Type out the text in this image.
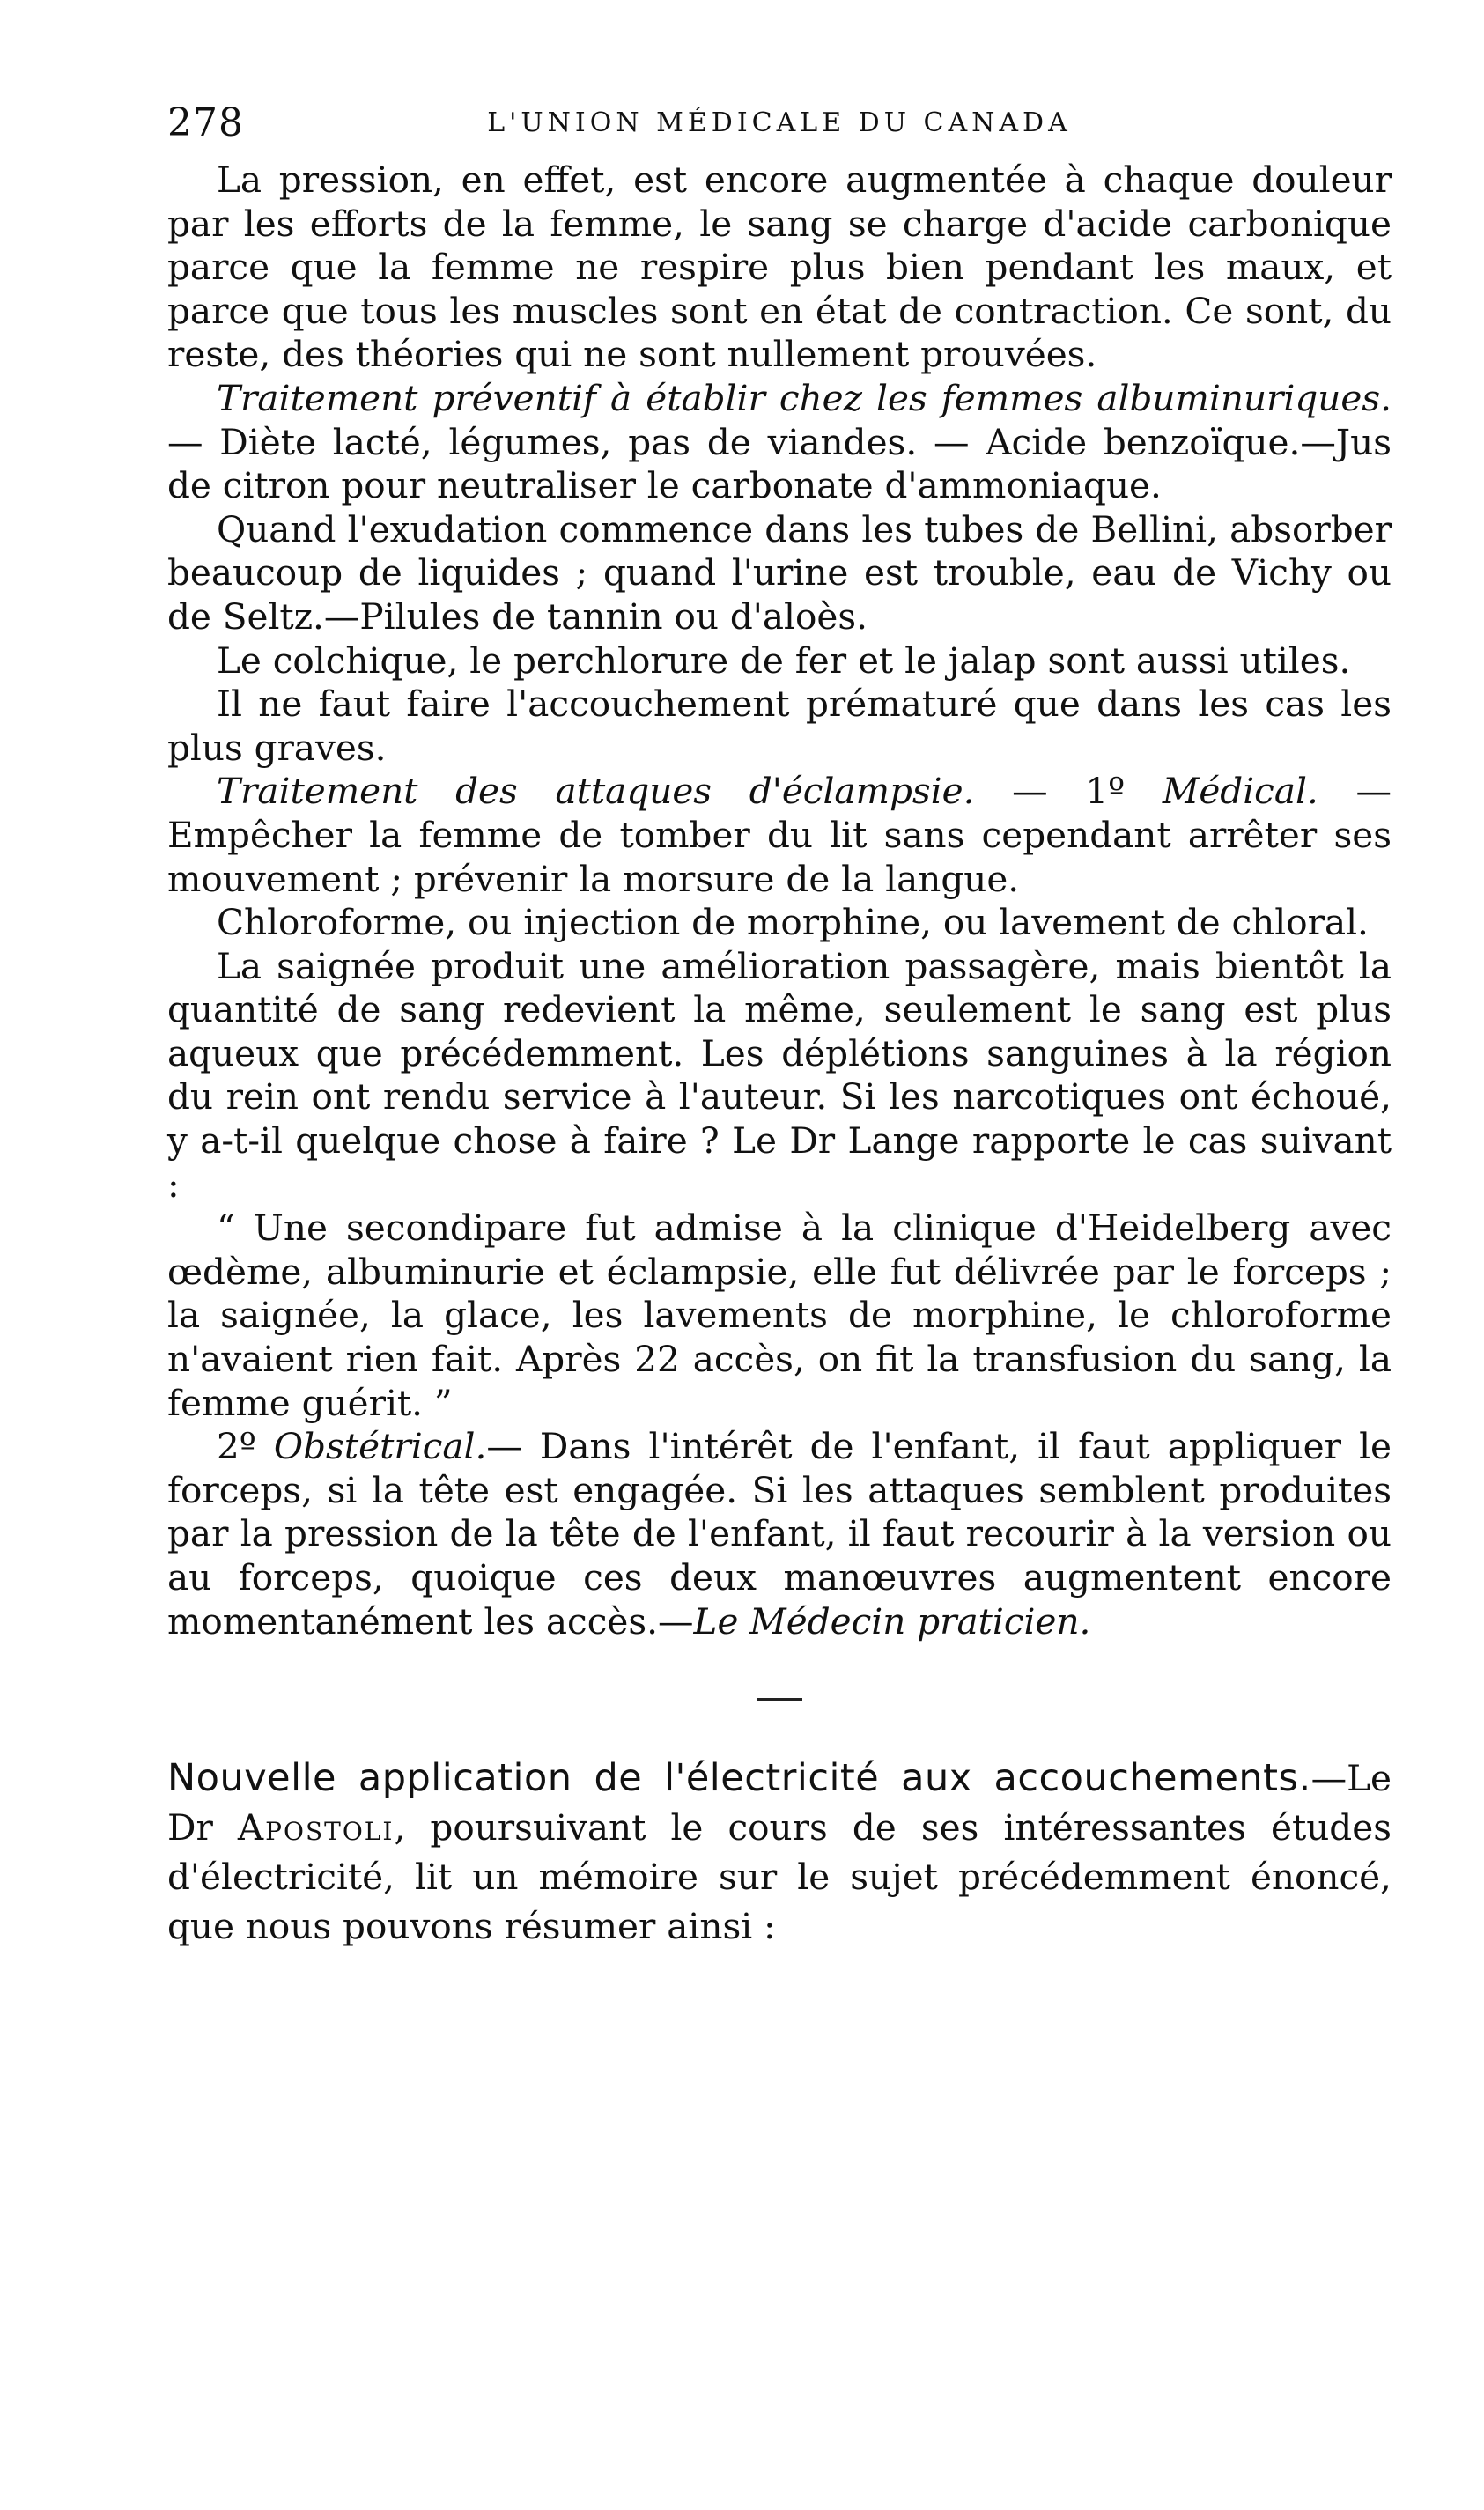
278	L'UNION MÉDICALE DU CANADA

La pression, en effet, est encore augmentée à chaque douleur par les efforts de la femme, le sang se charge d'acide carbonique parce que la femme ne respire plus bien pendant les maux, et parce que tous les muscles sont en état de contraction. Ce sont, du reste, des théories qui ne sont nullement prouvées.

Traitement préventif à établir chez les femmes albuminuriques. — Diète lacté, légumes, pas de viandes. — Acide benzoïque.—Jus de citron pour neutraliser le carbonate d'ammoniaque.

Quand l'exudation commence dans les tubes de Bellini, absorber beaucoup de liquides ; quand l'urine est trouble, eau de Vichy ou de Seltz.—Pilules de tannin ou d'aloès.

Le colchique, le perchlorure de fer et le jalap sont aussi utiles.

Il ne faut faire l'accouchement prématuré que dans les cas les plus graves.

Traitement des attaques d'éclampsie. — 1º Médical. — Empêcher la femme de tomber du lit sans cependant arrêter ses mouvement ; prévenir la morsure de la langue.

Chloroforme, ou injection de morphine, ou lavement de chloral.

La saignée produit une amélioration passagère, mais bientôt la quantité de sang redevient la même, seulement le sang est plus aqueux que précédemment. Les déplétions sanguines à la région du rein ont rendu service à l'auteur. Si les narcotiques ont échoué, y a-t-il quelque chose à faire ? Le Dr Lange rapporte le cas suivant :

“ Une secondipare fut admise à la clinique d'Heidelberg avec œdème, albuminurie et éclampsie, elle fut délivrée par le forceps ; la saignée, la glace, les lavements de morphine, le chloroforme n'avaient rien fait. Après 22 accès, on fit la transfusion du sang, la femme guérit. ”

2º Obstétrical.— Dans l'intérêt de l'enfant, il faut appliquer le forceps, si la tête est engagée. Si les attaques semblent produites par la pression de la tête de l'enfant, il faut recourir à la version ou au forceps, quoique ces deux manœuvres augmentent encore momentanément les accès.—Le Médecin praticien.

Nouvelle application de l'électricité aux accouchements.—Le Dr Apostoli, poursuivant le cours de ses intéressantes études d'électricité, lit un mémoire sur le sujet précédemment énoncé, que nous pouvons résumer ainsi :
